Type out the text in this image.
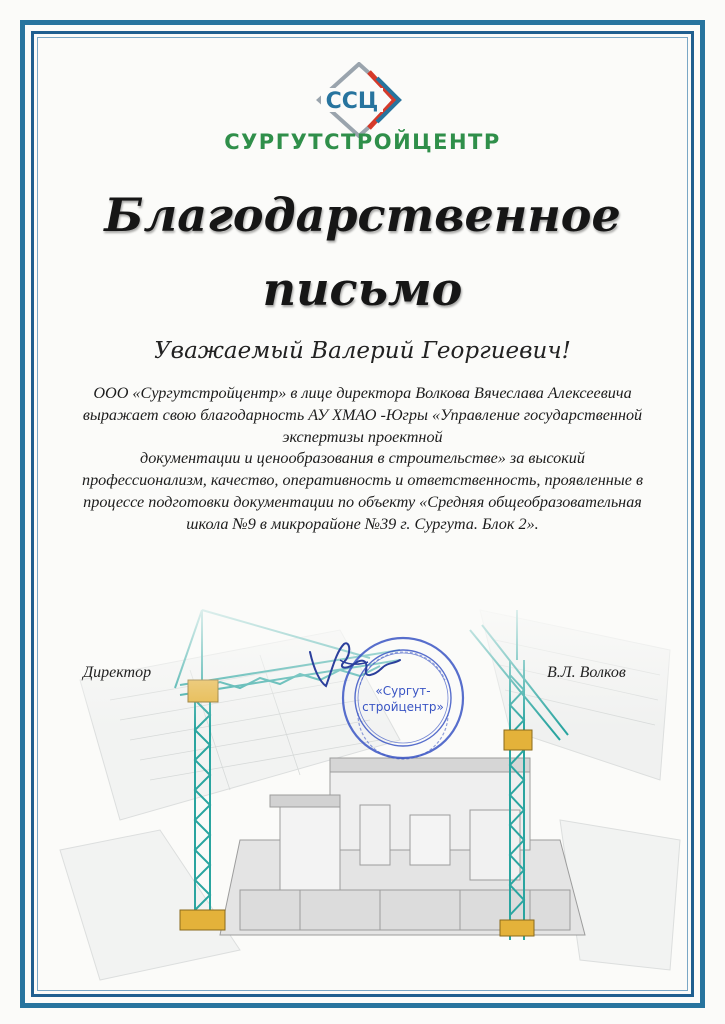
ССЦ
СУРГУТСТРОЙЦЕНТР
Благодарственное
письмо
Уважаемый Валерий Георгиевич!
ООО «Сургутстройцентр» в лице директора Волкова Вячеслава Алексеевича
выражает свою благодарность АУ ХМАО -Югры «Управление государственной
экспертизы проектной
документации и ценообразования в строительстве» за высокий
профессионализм, качество, оперативность и ответственность, проявленные в
процессе подготовки документации по объекту «Средняя общеобразовательная
школа №9 в микрорайоне №39 г. Сургута. Блок 2».
Директор	В.Л. Волков
«Сургут-
стройцентр»
